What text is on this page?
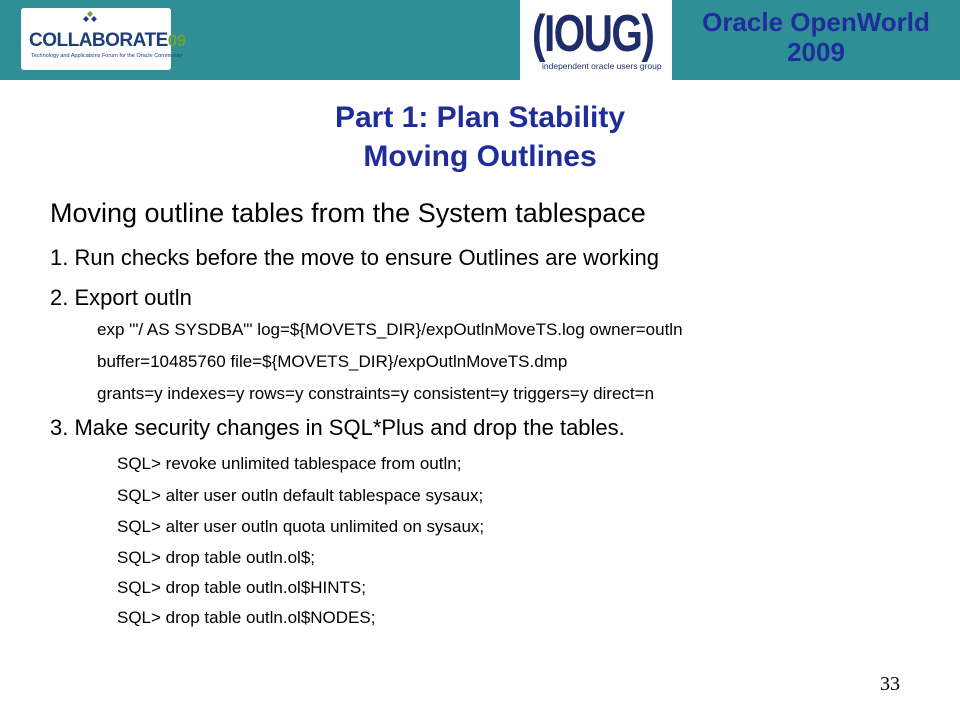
COLLABORATE09
Technology and Applications Forum for the Oracle Community	(IOUG)
independent oracle users group
Oracle OpenWorld
2009
Part 1: Plan Stability
Moving Outlines
Moving outline tables from the System tablespace
1. Run checks before the move to ensure Outlines are working
2. Export outln
exp '"/ AS SYSDBA"' log=${MOVETS_DIR}/expOutlnMoveTS.log owner=outln
buffer=10485760 file=${MOVETS_DIR}/expOutlnMoveTS.dmp
grants=y indexes=y rows=y constraints=y consistent=y triggers=y direct=n
3. Make security changes in SQL*Plus and drop the tables.
SQL> revoke unlimited tablespace from outln;
SQL> alter user outln default tablespace sysaux;
SQL> alter user outln quota unlimited on sysaux;
SQL> drop table outln.ol$;
SQL> drop table outln.ol$HINTS;
SQL> drop table outln.ol$NODES;
33
